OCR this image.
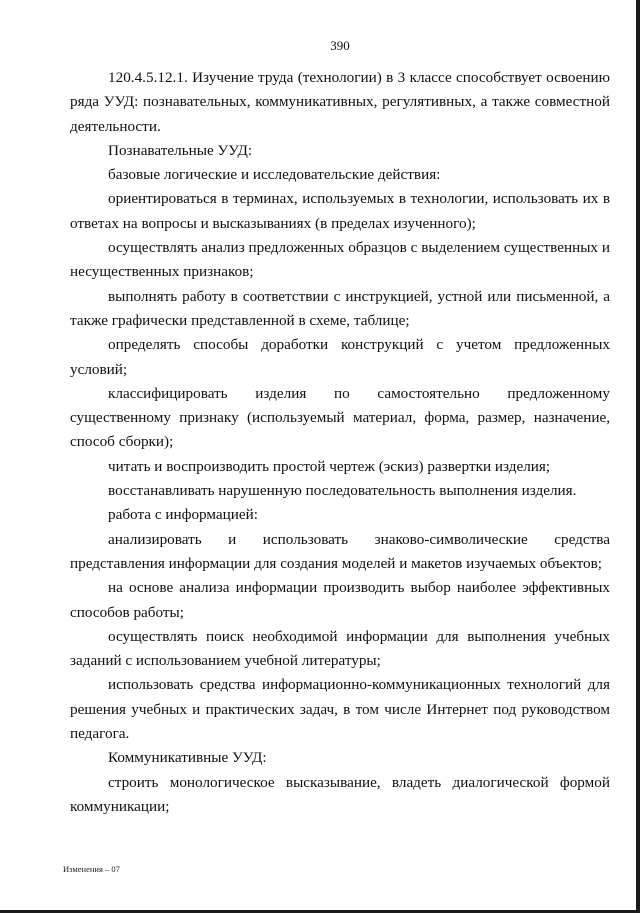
390

120.4.5.12.1. Изучение труда (технологии) в 3 классе способствует освоению ряда УУД: познавательных, коммуникативных, регулятивных, а также совместной деятельности.

Познавательные УУД:

базовые логические и исследовательские действия:

ориентироваться в терминах, используемых в технологии, использовать их в ответах на вопросы и высказываниях (в пределах изученного);

осуществлять анализ предложенных образцов с выделением существенных и несущественных признаков;

выполнять работу в соответствии с инструкцией, устной или письменной, а также графически представленной в схеме, таблице;

определять способы доработки конструкций с учетом предложенных условий;

классифицировать изделия по самостоятельно предложенному существенному признаку (используемый материал, форма, размер, назначение, способ сборки);

читать и воспроизводить простой чертеж (эскиз) развертки изделия;

восстанавливать нарушенную последовательность выполнения изделия.

работа с информацией:

анализировать и использовать знаково-символические средства представления информации для создания моделей и макетов изучаемых объектов;

на основе анализа информации производить выбор наиболее эффективных способов работы;

осуществлять поиск необходимой информации для выполнения учебных заданий с использованием учебной литературы;

использовать средства информационно-коммуникационных технологий для решения учебных и практических задач, в том числе Интернет под руководством педагога.

Коммуникативные УУД:

строить монологическое высказывание, владеть диалогической формой коммуникации;

Изменения – 07
